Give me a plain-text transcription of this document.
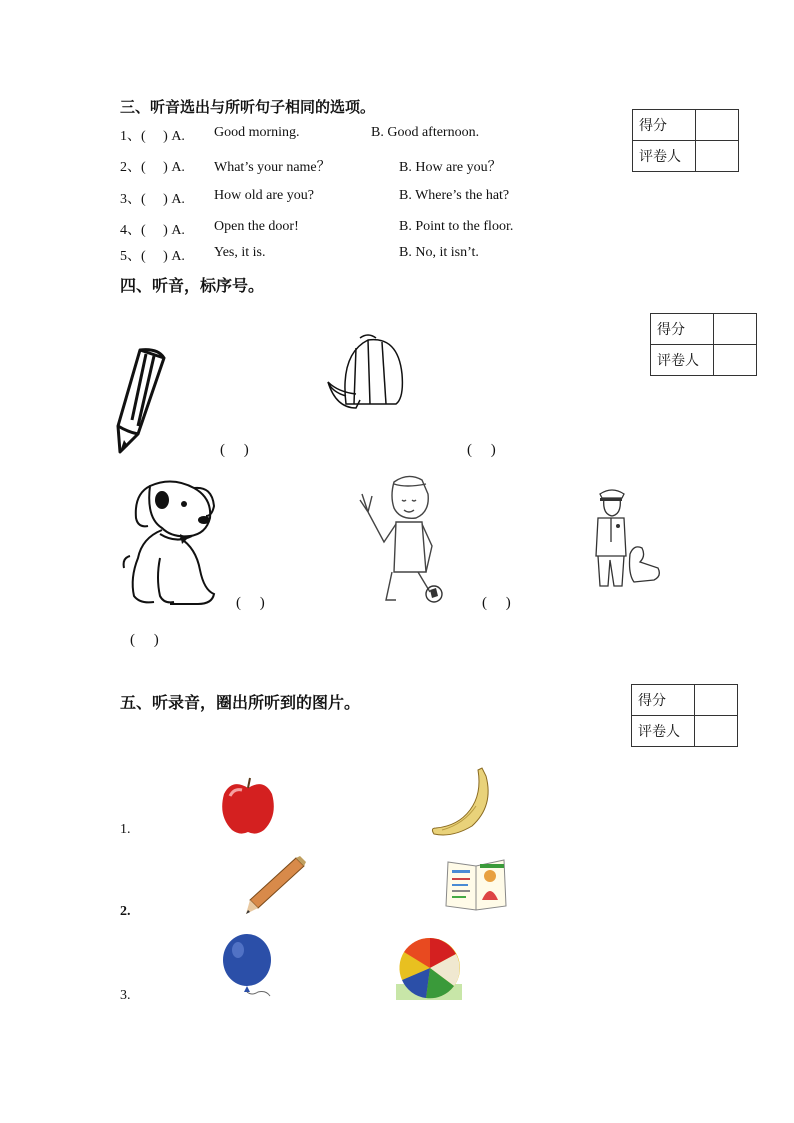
三、听音选出与所听句子相同的选项。
得分	
评卷人	
1、(　 ) A. Good morning.	B. Good afternoon.
2、(　 ) A. What’s your name？	B. How are you？
3、(　 ) A. How old are you?	B. Where’s the hat?
4、(　 ) A. Open the door!	B. Point to the floor.
5、(　 ) A. Yes, it is.	B. No, it isn’t.
四、听音，标序号。
得分	
评卷人	
(　 )	(　 )
(　 )	(　 )
(　 )
五、听录音，圈出所听到的图片。	得分	
评卷人	
1.
2.
3.
